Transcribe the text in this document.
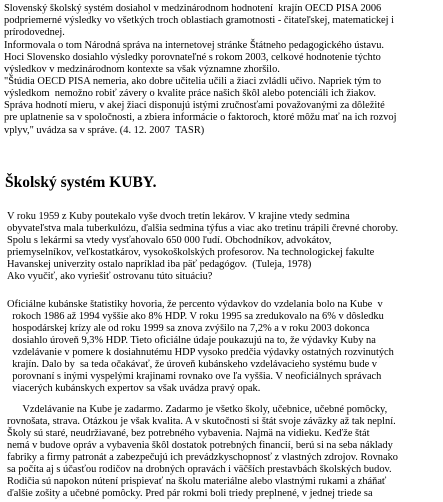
Slovenský školský systém dosiahol v medzinárodnom hodnotení  krajín OECD PISA 2006
podpriemerné výsledky vo všetkých troch oblastiach gramotnosti - čitateľskej, matematickej i
prírodovednej.
Informovala o tom Národná správa na internetovej stránke Štátneho pedagogického ústavu.
Hoci Slovensko dosiahlo výsledky porovnateľné s rokom 2003, celkové hodnotenie týchto
výsledkov v medzinárodnom kontexte sa však významne zhoršilo.
"Štúdia OECD PISA nemeria, ako dobre učitelia učili a žiaci zvládli učivo. Napriek tým to
výsledkom  nemožno robiť závery o kvalite práce našich škôl alebo potenciáli ich žiakov.
Správa hodnotí mieru, v akej žiaci disponujú istými zručnosťami považovanými za dôležité
pre uplatnenie sa v spoločnosti, a zbiera informácie o faktoroch, ktoré môžu mať na ich rozvoj
vplyv," uvádza sa v správe. (4. 12. 2007  TASR)
Školský systém KUBY.
V roku 1959 z Kuby poutekalo vyše dvoch tretín lekárov. V krajine vtedy sedmina
obyvateľstva mala tuberkulózu, ďalšia sedmina týfus a viac ako tretinu trápili črevné choroby.
Spolu s lekármi sa vtedy vysťahovalo 650 000 ľudí. Obchodníkov, advokátov,
priemyselníkov, veľkostatkárov, vysokoškolských profesorov. Na technologickej fakulte
Havanskej univerzity ostalo napríklad iba päť pedagógov.  (Tuleja, 1978)
Ako vyučiť, ako vyriešiť ostrovanu túto situáciu?
Oficiálne kubánske štatistiky hovoria, že percento výdavkov do vzdelania bolo na Kube  v
rokoch 1986 až 1994 vyššie ako 8% HDP. V roku 1995 sa zredukovalo na 6% v dôsledku
hospodárskej krízy ale od roku 1999 sa znova zvýšilo na 7,2% a v roku 2003 dokonca
dosiahlo úroveň 9,3% HDP. Tieto oficiálne údaje poukazujú na to, že výdavky Kuby na
vzdelávanie v pomere k dosiahnutému HDP vysoko predčia výdavky ostatných rozvinutých
krajín. Dalo by  sa teda očakávať, že úroveň kubánskeho vzdelávacieho systému bude v
porovnaní s inými vyspelými krajinami rovnako ove ľa vyššia. V neoficiálnych správach
viacerých kubánskych expertov sa však uvádza pravý opak.
Vzdelávanie na Kube je zadarmo. Zadarmo je všetko školy, učebnice, učebné pomôcky,
rovnošata, strava. Otázkou je však kvalita. A v skutočnosti si štát svoje záväzky až tak neplní.
Školy sú staré, neudržiavané, bez potrebného vybavenia. Najmä na vidieku. Keďže štát
nemá v budove opráv a vybavenia škôl dostatok potrebných financií, berú si na seba náklady
fabriky a firmy patronát a zabezpečujú ich prevádzkyschopnosť z vlastných zdrojov. Rovnako
sa počíta aj s účasťou rodičov na drobných opravách i väčších prestavbách školských budov.
Rodičia sú napokon nútení prispievať na školu materiálne alebo vlastnými rukami a zháňať
ďalšie zošity a učebné pomôcky. Pred pár rokmi boli triedy preplnené, v jednej triede sa
